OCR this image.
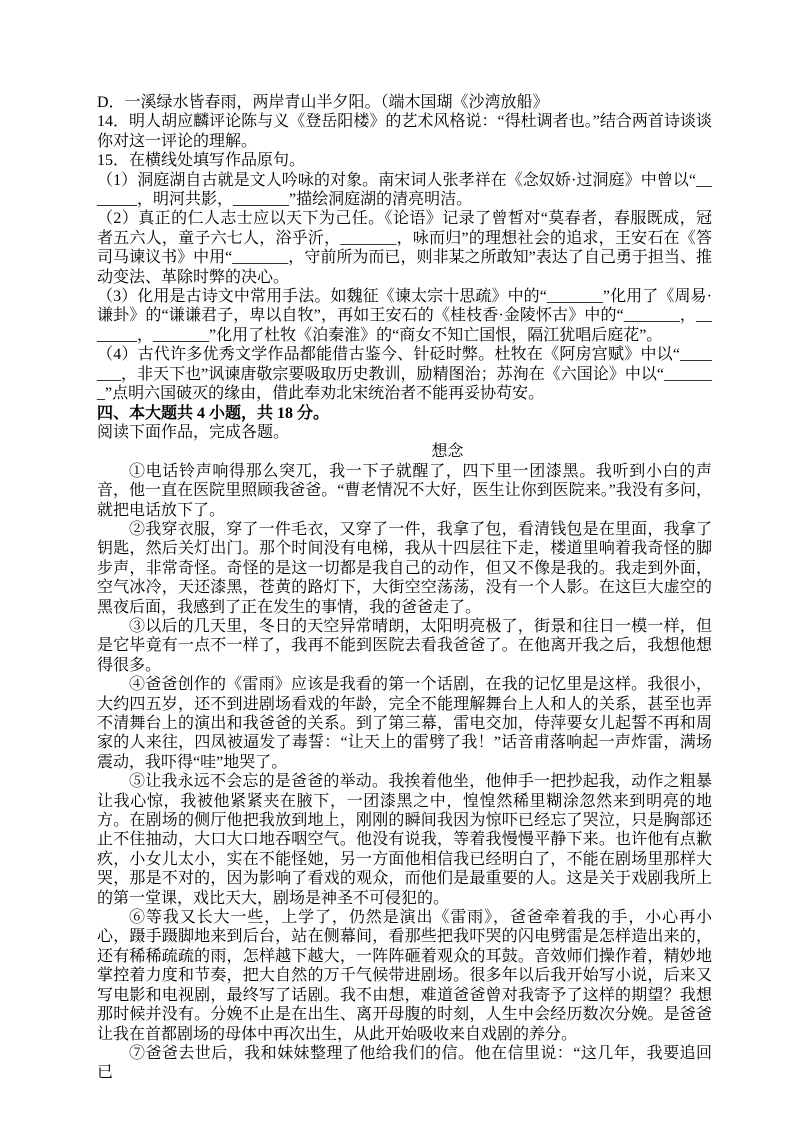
D．一溪绿水皆春雨，两岸青山半夕阳。（端木国瑚《沙湾放船》

14．明人胡应麟评论陈与义《登岳阳楼》的艺术风格说：“得杜调者也。”结合两首诗谈谈你对这一评论的理解。

15．在横线处填写作品原句。

（1）洞庭湖自古就是文人吟咏的对象。南宋词人张孝祥在《念奴娇·过洞庭》中曾以“_______，明河共影，_______”描绘洞庭湖的清亮明洁。

（2）真正的仁人志士应以天下为己任。《论语》记录了曾皙对“莫春者，春服既成，冠者五六人，童子六七人，浴乎沂，_______，咏而归”的理想社会的追求，王安石在《答司马谏议书》中用“_______，守前所为而已，则非某之所敢知”表达了自己勇于担当、推动变法、革除时弊的决心。

（3）化用是古诗文中常用手法。如魏征《谏太宗十思疏》中的“_______”化用了《周易·谦卦》的“谦谦君子，卑以自牧”，再如王安石的《桂枝香·金陵怀古》中的“_______，_______，_______”化用了杜牧《泊秦淮》的“商女不知亡国恨，隔江犹唱后庭花”。

（4）古代许多优秀文学作品都能借古鉴今、针砭时弊。杜牧在《阿房宫赋》中以“_______，非天下也”讽谏唐敬宗要吸取历史教训，励精图治；苏洵在《六国论》中以“_______”点明六国破灭的缘由，借此奉劝北宋统治者不能再妥协苟安。

四、本大题共 4 小题，共 18 分。

阅读下面作品，完成各题。

想念

①电话铃声响得那么突兀，我一下子就醒了，四下里一团漆黑。我听到小白的声音，他一直在医院里照顾我爸爸。“曹老情况不大好，医生让你到医院来。”我没有多问，就把电话放下了。

②我穿衣服，穿了一件毛衣，又穿了一件，我拿了包，看清钱包是在里面，我拿了钥匙，然后关灯出门。那个时间没有电梯，我从十四层往下走，楼道里响着我奇怪的脚步声，非常奇怪。奇怪的是这一切都是我自己的动作，但又不像是我的。我走到外面，空气冰冷，天还漆黑，苍黄的路灯下，大街空空荡荡，没有一个人影。在这巨大虚空的黑夜后面，我感到了正在发生的事情，我的爸爸走了。

③以后的几天里，冬日的天空异常晴朗，太阳明亮极了，街景和往日一模一样，但是它毕竟有一点不一样了，我再不能到医院去看我爸爸了。在他离开我之后，我想他想得很多。

④爸爸创作的《雷雨》应该是我看的第一个话剧，在我的记忆里是这样。我很小，大约四五岁，还不到进剧场看戏的年龄，完全不能理解舞台上人和人的关系，甚至也弄不清舞台上的演出和我爸爸的关系。到了第三幕，雷电交加，侍萍要女儿起誓不再和周家的人来往，四凤被逼发了毒誓：“让天上的雷劈了我！”话音甫落响起一声炸雷，满场震动，我吓得“哇”地哭了。

⑤让我永远不会忘的是爸爸的举动。我挨着他坐，他伸手一把抄起我，动作之粗暴让我心惊，我被他紧紧夹在腋下，一团漆黑之中，惶惶然稀里糊涂忽然来到明亮的地方。在剧场的侧厅他把我放到地上，刚刚的瞬间我因为惊吓已经忘了哭泣，只是胸部还止不住抽动，大口大口地吞咽空气。他没有说我，等着我慢慢平静下来。也许他有点歉疚，小女儿太小，实在不能怪她，另一方面他相信我已经明白了，不能在剧场里那样大哭，那是不对的，因为影响了看戏的观众，而他们是最重要的人。这是关于戏剧我所上的第一堂课，戏比天大，剧场是神圣不可侵犯的。

⑥等我又长大一些，上学了，仍然是演出《雷雨》，爸爸牵着我的手，小心再小心，蹑手蹑脚地来到后台，站在侧幕间，看那些把我吓哭的闪电劈雷是怎样造出来的，还有稀稀疏疏的雨，怎样越下越大，一阵阵砸着观众的耳鼓。音效师们操作着，精妙地掌控着力度和节奏，把大自然的万千气候带进剧场。很多年以后我开始写小说，后来又写电影和电视剧，最终写了话剧。我不由想，难道爸爸曾对我寄予了这样的期望？我想那时候并没有。分娩不止是在出生、离开母腹的时刻，人生中会经历数次分娩。是爸爸让我在首都剧场的母体中再次出生，从此开始吸收来自戏剧的养分。

⑦爸爸去世后，我和妹妹整理了他给我们的信。他在信里说：“这几年，我要追回已
